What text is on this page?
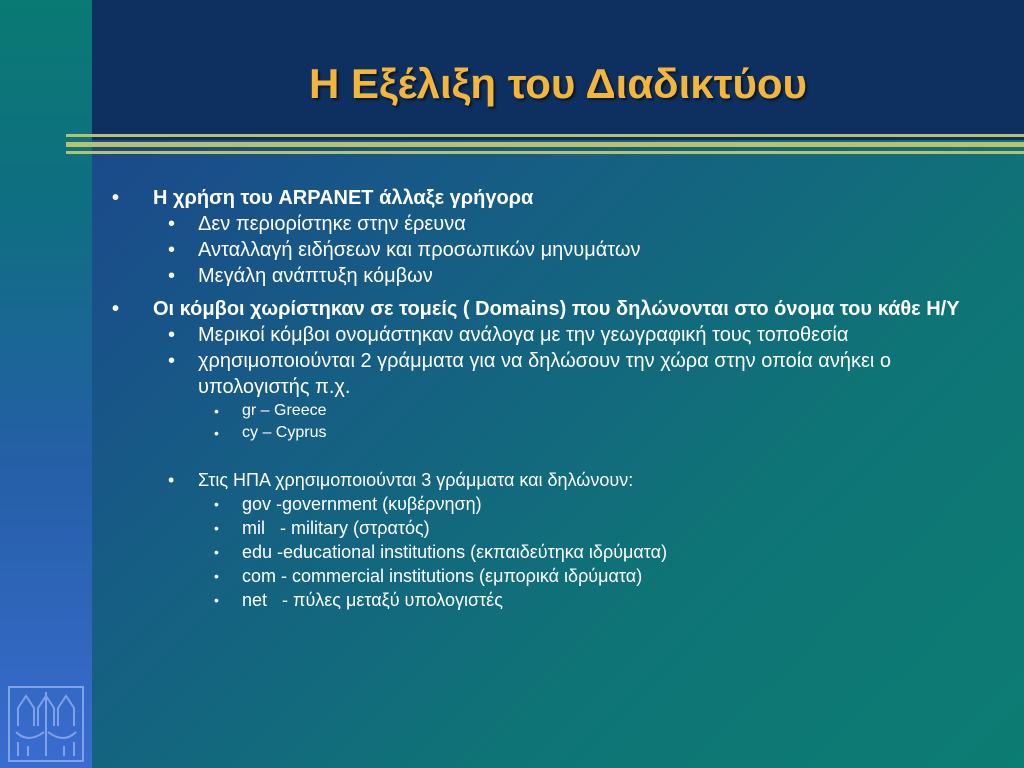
Η Εξέλιξη του Διαδικτύου
• Η χρήση του ARPANET άλλαξε γρήγορα
• Δεν περιορίστηκε στην έρευνα
• Ανταλλαγή ειδήσεων και προσωπικών μηνυμάτων
• Μεγάλη ανάπτυξη κόμβων
• Οι κόμβοι χωρίστηκαν σε τομείς ( Domains) που δηλώνονται στο όνομα του κάθε Η/Υ
• Μερικοί κόμβοι ονομάστηκαν ανάλογα με την γεωγραφική τους τοποθεσία
• χρησιμοποιούνται 2 γράμματα για να δηλώσουν την χώρα στην οποία ανήκει ο υπολογιστής π.χ.
• gr – Greece
• cy – Cyprus
• Στις ΗΠΑ χρησιμοποιούνται 3 γράμματα και δηλώνουν:
• gov -government (κυβέρνηση)
• mil   - military (στρατός)
• edu -educational institutions (εκπαιδεύτηκα ιδρύματα)
• com - commercial institutions (εμπορικά ιδρύματα)
• net   - πύλες μεταξύ υπολογιστές
